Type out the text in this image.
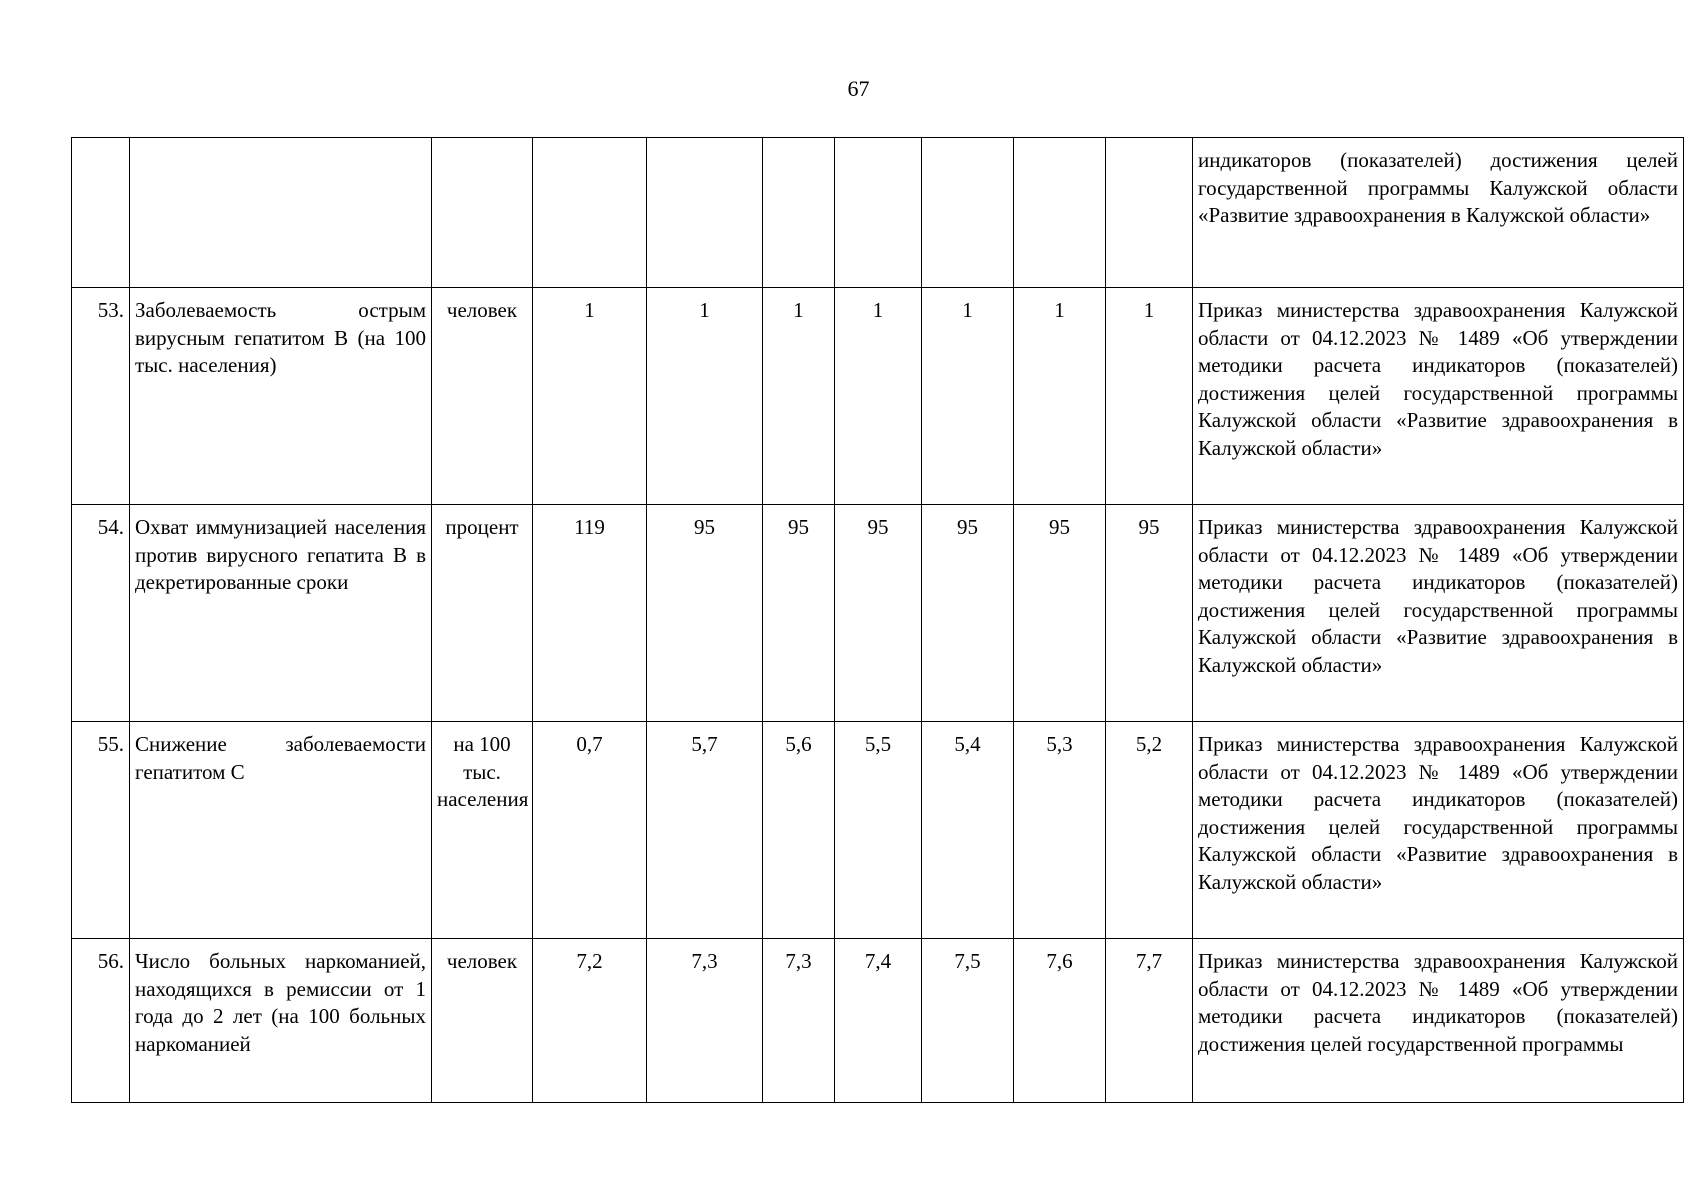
67
										индикаторов (показателей) достижения целей государственной программы Калужской области «Развитие здравоохранения в Калужской области»
53.	Заболеваемость острым вирусным гепатитом В (на 100 тыс. населения)	человек	1	1	1	1	1	1	1	Приказ министерства здравоохранения Калужской области от 04.12.2023 № 1489 «Об утверждении методики расчета индикаторов (показателей) достижения целей государственной программы Калужской области «Развитие здравоохранения в Калужской области»
54.	Охват иммунизацией населения против вирусного гепатита В в декретированные сроки	процент	119	95	95	95	95	95	95	Приказ министерства здравоохранения Калужской области от 04.12.2023 № 1489 «Об утверждении методики расчета индикаторов (показателей) достижения целей государственной программы Калужской области «Развитие здравоохранения в Калужской области»
55.	Снижение заболеваемости гепатитом С	на 100 тыс. населения	0,7	5,7	5,6	5,5	5,4	5,3	5,2	Приказ министерства здравоохранения Калужской области от 04.12.2023 № 1489 «Об утверждении методики расчета индикаторов (показателей) достижения целей государственной программы Калужской области «Развитие здравоохранения в Калужской области»
56.	Число больных наркоманией, находящихся в ремиссии от 1 года до 2 лет (на 100 больных наркоманией	человек	7,2	7,3	7,3	7,4	7,5	7,6	7,7	Приказ министерства здравоохранения Калужской области от 04.12.2023 № 1489 «Об утверждении методики расчета индикаторов (показателей) достижения целей государственной программы
